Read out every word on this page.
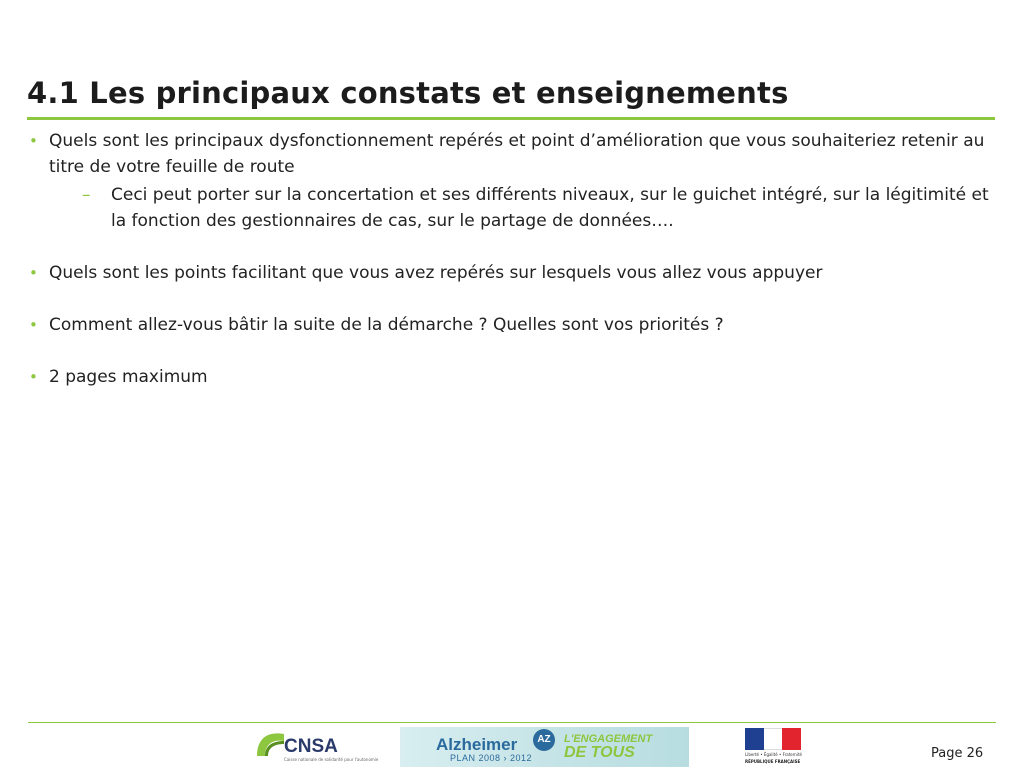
4.1 Les principaux constats et enseignements
• Quels sont les principaux dysfonctionnement repérés et point d’amélioration que vous souhaiteriez retenir au titre de votre feuille de route
– Ceci peut porter sur la concertation et ses différents niveaux, sur le guichet intégré, sur la légitimité et la fonction des gestionnaires de cas, sur le partage de données….
• Quels sont les points facilitant que vous avez repérés sur lesquels vous allez vous appuyer
• Comment allez-vous bâtir la suite de la démarche ? Quelles sont vos priorités ?
• 2 pages maximum
CNSA
Caisse nationale de solidarité pour l'autonomie
Alzheimer
PLAN 2008 › 2012
AZ	L'ENGAGEMENT
DE TOUS	Liberté • Égalité • Fraternité
RÉPUBLIQUE FRANÇAISE
Page 26
